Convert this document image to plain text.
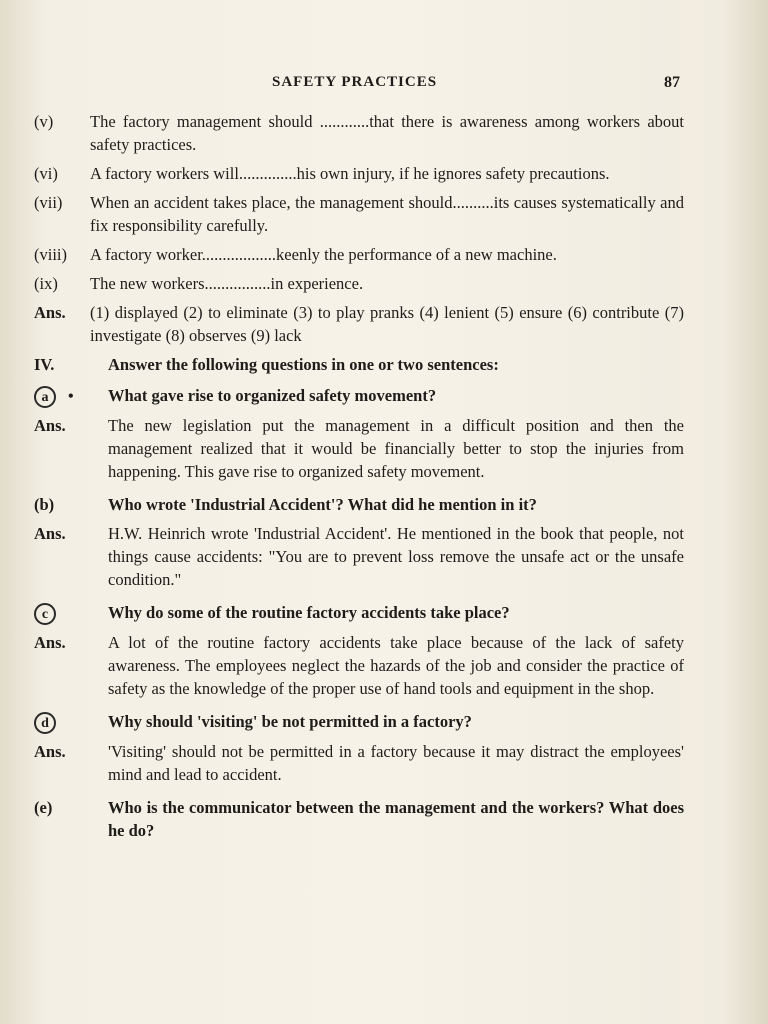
SAFETY PRACTICES	87
(v)	The factory management should ............that there is awareness among workers about safety practices.
(vi)	A factory workers will..............his own injury, if he ignores safety precautions.
(vii)	When an accident takes place, the management should..........its causes systematically and fix responsibility carefully.
(viii)	A factory worker..................keenly the performance of a new machine.
(ix)	The new workers................in experience.
Ans.	(1) displayed (2) to eliminate (3) to play pranks (4) lenient (5) ensure (6) contribute (7) investigate (8) observes (9) lack
IV.	Answer the following questions in one or two sentences:
a •	What gave rise to organized safety movement?
Ans.	The new legislation put the management in a difficult position and then the management realized that it would be financially better to stop the injuries from happening. This gave rise to organized safety movement.
(b)	Who wrote 'Industrial Accident'? What did he mention in it?
Ans.	H.W. Heinrich wrote 'Industrial Accident'. He mentioned in the book that people, not things cause accidents: "You are to prevent loss remove the unsafe act or the unsafe condition."
c	Why do some of the routine factory accidents take place?
Ans.	A lot of the routine factory accidents take place because of the lack of safety awareness. The employees neglect the hazards of the job and consider the practice of safety as the knowledge of the proper use of hand tools and equipment in the shop.
d	Why should 'visiting' be not permitted in a factory?
Ans.	'Visiting' should not be permitted in a factory because it may distract the employees' mind and lead to accident.
(e)	Who is the communicator between the management and the workers? What does he do?
